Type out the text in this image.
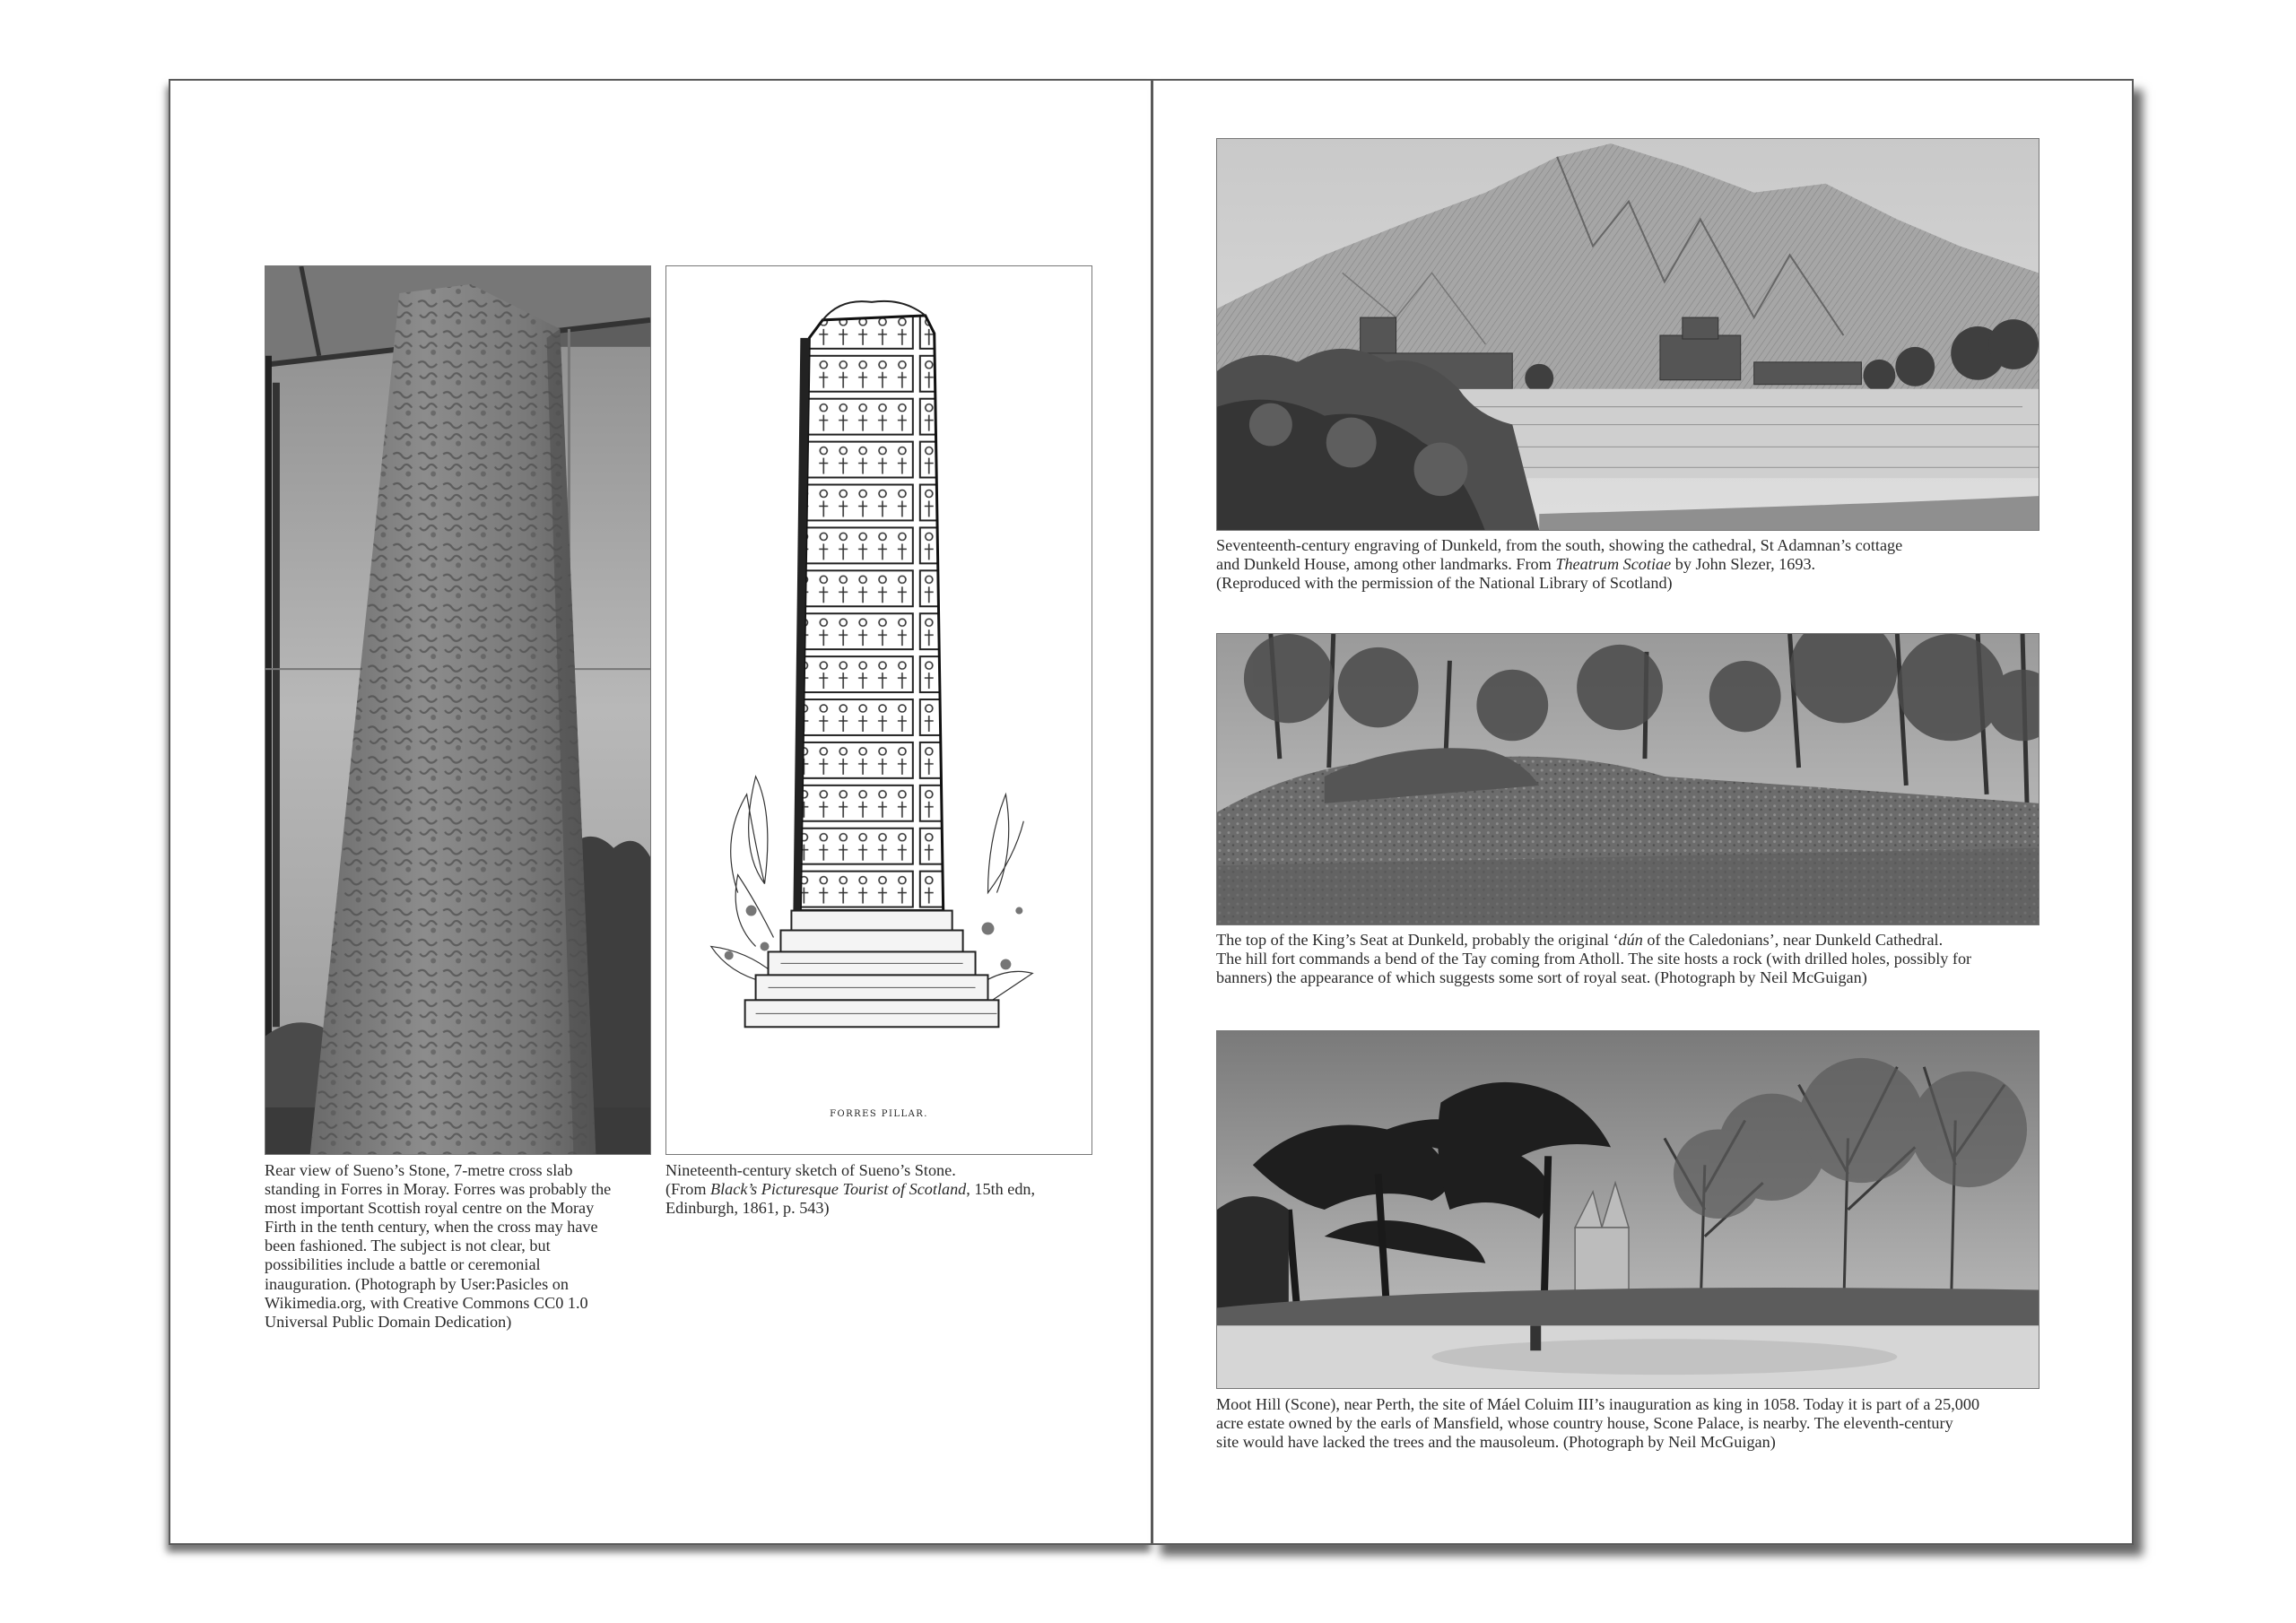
Rear view of Sueno’s Stone, 7-metre cross slab
standing in Forres in Moray. Forres was probably the
most important Scottish royal centre on the Moray
Firth in the tenth century, when the cross may have
been fashioned. The subject is not clear, but
possibilities include a battle or ceremonial
inauguration. (Photograph by User:Pasicles on
Wikimedia.org, with Creative Commons CC0 1.0
Universal Public Domain Dedication)
FORRES PILLAR.
Nineteenth-century sketch of Sueno’s Stone.
(From Black’s Picturesque Tourist of Scotland, 15th edn,
Edinburgh, 1861, p. 543)
Seventeenth-century engraving of Dunkeld, from the south, showing the cathedral, St Adamnan’s cottage
and Dunkeld House, among other landmarks. From Theatrum Scotiae by John Slezer, 1693.
(Reproduced with the permission of the National Library of Scotland)
The top of the King’s Seat at Dunkeld, probably the original ‘dún of the Caledonians’, near Dunkeld Cathedral.
The hill fort commands a bend of the Tay coming from Atholl. The site hosts a rock (with drilled holes, possibly for
banners) the appearance of which suggests some sort of royal seat. (Photograph by Neil McGuigan)
Moot Hill (Scone), near Perth, the site of Máel Coluim III’s inauguration as king in 1058. Today it is part of a 25,000
acre estate owned by the earls of Mansfield, whose country house, Scone Palace, is nearby. The eleventh-century
site would have lacked the trees and the mausoleum. (Photograph by Neil McGuigan)
